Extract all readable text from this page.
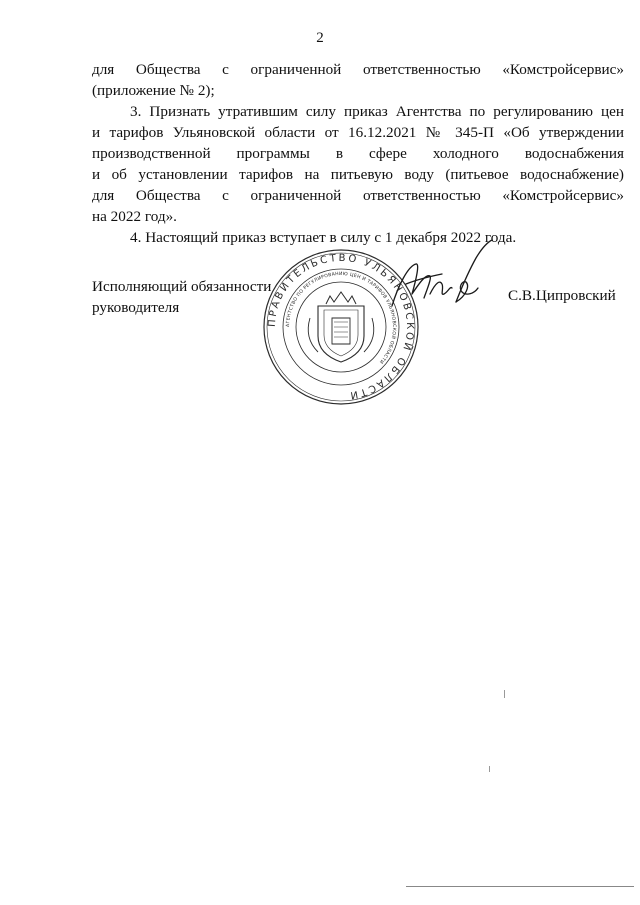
2
для Общества с ограниченной ответственностью «Комстройсервис»
(приложение № 2);
3. Признать утратившим силу приказ Агентства по регулированию цен
и тарифов Ульяновской области от 16.12.2021 № 345-П «Об утверждении
производственной программы в сфере холодного водоснабжения
и об установлении тарифов на питьевую воду (питьевое водоснабжение)
для Общества с ограниченной ответственностью «Комстройсервис»
на 2022 год».
4. Настоящий приказ вступает в силу с 1 декабря 2022 года.
Исполняющий обязанности
руководителя
С.В.Ципровский
ПРАВИТЕЛЬСТВО УЛЬЯНОВСКОЙ ОБЛАСТИ
АГЕНТСТВО ПО РЕГУЛИРОВАНИЮ ЦЕН И ТАРИФОВ УЛЬЯНОВСКОЙ ОБЛАСТИ
